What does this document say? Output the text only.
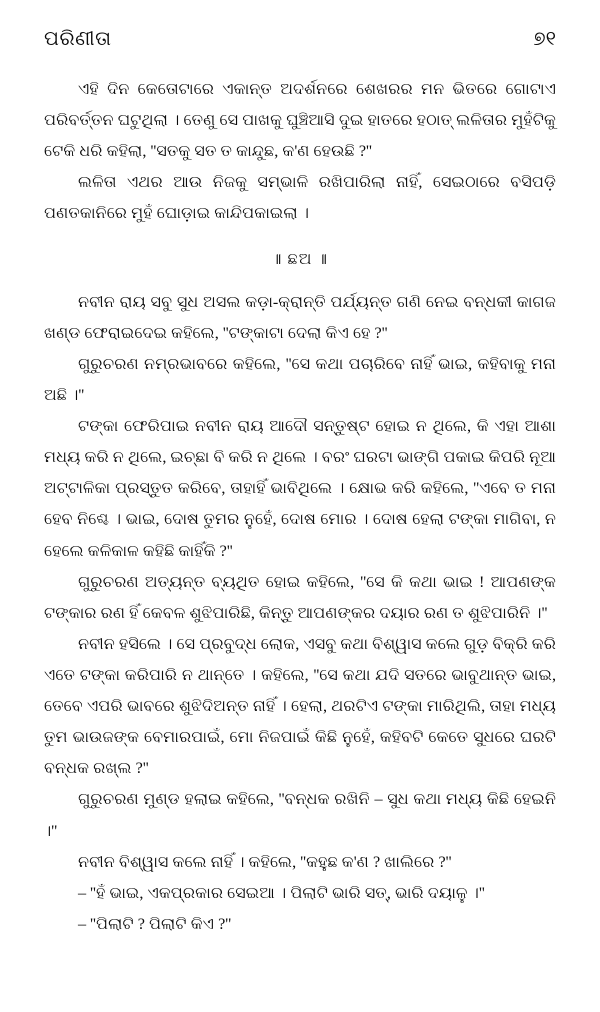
ପରିଣୀତା	୭୧

ଏହି ଦିନ କେତୋଟାରେ ଏକାନ୍ତ ଅଦର୍ଶନରେ ଶେଖରର ମନ ଭିତରେ ଗୋଟାଏ ପରିବର୍ତ୍ତନ ଘଟୁଥିଲା । ତେଣୁ ସେ ପାଖକୁ ଘୁଞ୍ଚିଆସି ଦୁଇ ହାତରେ ହଠାତ୍ ଲଳିତାର ମୁହଁଟିକୁ ଟେକି ଧରି କହିଲା, ''ସତକୁ ସତ ତ କାନ୍ଦୁଛ, କ'ଣ ହେଉଛି ?''

ଲଳିତା ଏଥର ଆଉ ନିଜକୁ ସମ୍ଭାଳି ରଖିପାରିଲା ନାହିଁ, ସେଇଠାରେ ବସିପଡ଼ି ପଣତକାନିରେ ମୁହଁ ଘୋଡ଼ାଇ କାନ୍ଦିପକାଇଲା ।

॥ ଛଅ ॥

ନବୀନ ରାୟ ସବୁ ସୁଧ ଅସଲ କଡ଼ା-କ୍ରାନ୍ତି ପର୍ଯ୍ୟନ୍ତ ଗଣି ନେଇ ବନ୍ଧକୀ କାଗଜ ଖଣ୍ଡ ଫେରାଇଦେଇ କହିଲେ, ''ଟଙ୍କାଟା ଦେଲା କିଏ ହେ ?''

ଗୁରୁଚରଣ ନମ୍ରଭାବରେ କହିଲେ, ''ସେ କଥା ପଚାରିବେ ନାହିଁ ଭାଇ, କହିବାକୁ ମନା ଅଛି ।''

ଟଙ୍କା ଫେରିପାଇ ନବୀନ ରାୟ ଆଦୌ ସନ୍ତୁଷ୍ଟ ହୋଇ ନ ଥିଲେ, କି ଏହା ଆଶା ମଧ୍ୟ କରି ନ ଥିଲେ, ଇଚ୍ଛା ବି କରି ନ ଥିଲେ । ବରଂ ଘରଟା ଭାଙ୍ଗି ପକାଇ କିପରି ନୂଆ ଅଟ୍ଟାଳିକା ପ୍ରସ୍ତୁତ କରିବେ, ତାହାହିଁ ଭାବିଥିଲେ । କ୍ଷୋଭ କରି କହିଲେ, ''ଏବେ ତ ମନା ହେବ ନିଶ୍ଚେ । ଭାଇ, ଦୋଷ ତୁମର ନୁହେଁ, ଦୋଷ ମୋର । ଦୋଷ ହେଲା ଟଙ୍କା ମାଗିବା, ନ ହେଲେ କଳିକାଳ କହିଛି କାହିଁକି ?''

ଗୁରୁଚରଣ ଅତ୍ୟନ୍ତ ବ୍ୟଥିତ ହୋଇ କହିଲେ, ''ସେ କି କଥା ଭାଇ ! ଆପଣଙ୍କ ଟଙ୍କାର ରଣ ହିଁ କେବଳ ଶୁଝିପାରିଛି, କିନ୍ତୁ ଆପଣଙ୍କର ଦୟାର ରଣ ତ ଶୁଝିପାରିନି ।''

ନବୀନ ହସିଲେ । ସେ ପ୍ରବୁଦ୍ଧ ଲୋକ, ଏସବୁ କଥା ବିଶ୍ୱାସ କଲେ ଗୁଡ଼ ବିକ୍ରି କରି ଏତେ ଟଙ୍କା କରିପାରି ନ ଥାନ୍ତେ । କହିଲେ, ''ସେ କଥା ଯଦି ସତରେ ଭାବୁଥାନ୍ତ ଭାଇ, ତେବେ ଏପରି ଭାବରେ ଶୁଝିଦିଅନ୍ତ ନାହିଁ । ହେଲା, ଥରଟିଏ ଟଙ୍କା ମାରିଥିଲି, ତାହା ମଧ୍ୟ ତୁମ ଭାଉଜଙ୍କ ବେମାରପାଇଁ, ମୋ ନିଜପାଇଁ କିଛି ନୁହେଁ, କହିବଟି କେତେ ସୁଧରେ ଘରଟି ବନ୍ଧକ ରଖ୍ଲ ?''

ଗୁରୁଚରଣ ମୁଣ୍ଡ ହଲାଇ କହିଲେ, ''ବନ୍ଧକ ରଖିନି – ସୁଧ କଥା ମଧ୍ୟ କିଛି ହେଇନି ।''

ନବୀନ ବିଶ୍ୱାସ କଲେ ନାହିଁ । କହିଲେ, ''କହୁଛ କ'ଣ ? ଖାଲିରେ ?''

– ''ହଁ ଭାଇ, ଏକପ୍ରକାର ସେଇଆ । ପିଲାଟି ଭାରି ସତ୍, ଭାରି ଦୟାଳୁ ।''

– ''ପିଲାଟି ? ପିଲାଟି କିଏ ?''
